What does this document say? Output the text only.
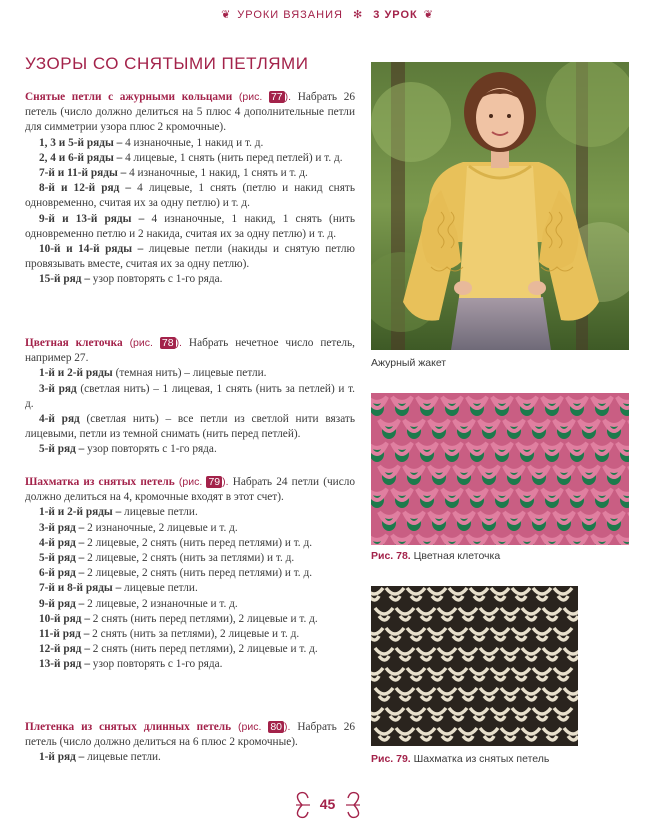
❦ УРОКИ ВЯЗАНИЯ ✻ 3 УРОК ❦
УЗОРЫ СО СНЯТЫМИ ПЕТЛЯМИ

Снятые петли с ажурными кольцами (рис. 77 ). Набрать 26 петель (число должно делиться на 5 плюс 4 дополнительные петли для симметрии узора плюс 2 кромочные).

1, 3 и 5-й ряды – 4 изнаночные, 1 накид и т. д.

2, 4 и 6-й ряды – 4 лицевые, 1 снять (нить перед петлей) и т. д.

7-й и 11-й ряды – 4 изнаночные, 1 накид, 1 снять и т. д.

8-й и 12-й ряд – 4 лицевые, 1 снять (петлю и накид снять одновременно, считая их за одну петлю) и т. д.

9-й и 13-й ряды – 4 изнаночные, 1 накид, 1 снять (нить одновременно петлю и 2 накида, считая их за одну петлю) и т. д.

10-й и 14-й ряды – лицевые петли (накиды и снятую петлю провязывать вместе, считая их за одну петлю).

15-й ряд – узор повторять с 1-го ряда.

Цветная клеточка (рис. 78 ). Набрать нечетное число петель, например 27.

1-й и 2-й ряды (темная нить) – лицевые петли.

3-й ряд (светлая нить) – 1 лицевая, 1 снять (нить за петлей) и т. д.

4-й ряд (светлая нить) – все петли из светлой нити вязать лицевыми, петли из темной снимать (нить перед петлей).

5-й ряд – узор повторять с 1-го ряда.

Шахматка из снятых петель (рис. 79 ). Набрать 24 петли (число должно делиться на 4, кромочные входят в этот счет).

1-й и 2-й ряды – лицевые петли.

3-й ряд – 2 изнаночные, 2 лицевые и т. д.

4-й ряд – 2 лицевые, 2 снять (нить перед петлями) и т. д.

5-й ряд – 2 лицевые, 2 снять (нить за петлями) и т. д.

6-й ряд – 2 лицевые, 2 снять (нить перед петлями) и т. д.

7-й и 8-й ряды – лицевые петли.

9-й ряд – 2 лицевые, 2 изнаночные и т. д.

10-й ряд – 2 снять (нить перед петлями), 2 лицевые и т. д.

11-й ряд – 2 снять (нить за петлями), 2 лицевые и т. д.

12-й ряд – 2 снять (нить перед петлями), 2 лицевые и т. д.

13-й ряд – узор повторять с 1-го ряда.

Плетенка из снятых длинных петель (рис. 80 ). Набрать 26 петель (число должно делиться на 6 плюс 2 кромочные).

1-й ряд – лицевые петли.

Ажурный жакет
Рис. 78. Цветная клеточка
Рис. 79. Шахматка из снятых петель
45
